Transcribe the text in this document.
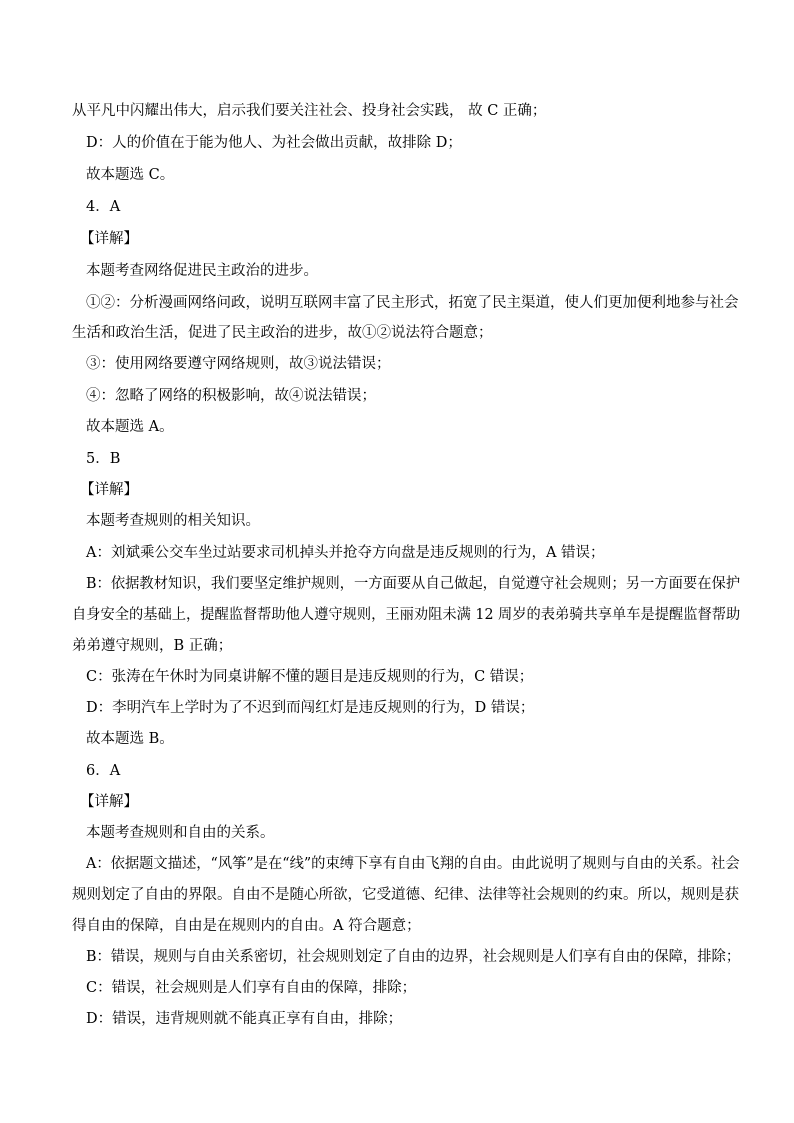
从平凡中闪耀出伟大，启示我们要关注社会、投身社会实践， 故 C 正确；
D：人的价值在于能为他人、为社会做出贡献，故排除 D；
故本题选 C。
4．A
【详解】
本题考查网络促进民主政治的进步。
①②：分析漫画网络问政，说明互联网丰富了民主形式，拓宽了民主渠道，使人们更加便利地参与社会
生活和政治生活，促进了民主政治的进步，故①②说法符合题意；
③：使用网络要遵守网络规则，故③说法错误；
④：忽略了网络的积极影响，故④说法错误；
故本题选 A。
5．B
【详解】
本题考查规则的相关知识。
A：刘斌乘公交车坐过站要求司机掉头并抢夺方向盘是违反规则的行为，A 错误；
B：依据教材知识，我们要坚定维护规则，一方面要从自己做起，自觉遵守社会规则；另一方面要在保护
自身安全的基础上，提醒监督帮助他人遵守规则，王丽劝阻未满 12 周岁的表弟骑共享单车是提醒监督帮助
弟弟遵守规则，B 正确；
C：张涛在午休时为同桌讲解不懂的题目是违反规则的行为，C 错误；
D：李明汽车上学时为了不迟到而闯红灯是违反规则的行为，D 错误；
故本题选 B。
6．A
【详解】
本题考查规则和自由的关系。
A：依据题文描述，“风筝”是在“线”的束缚下享有自由飞翔的自由。由此说明了规则与自由的关系。社会
规则划定了自由的界限。自由不是随心所欲，它受道德、纪律、法律等社会规则的约束。所以，规则是获
得自由的保障，自由是在规则内的自由。A 符合题意；
B：错误，规则与自由关系密切，社会规则划定了自由的边界，社会规则是人们享有自由的保障，排除；
C：错误，社会规则是人们享有自由的保障，排除；
D：错误，违背规则就不能真正享有自由，排除；
